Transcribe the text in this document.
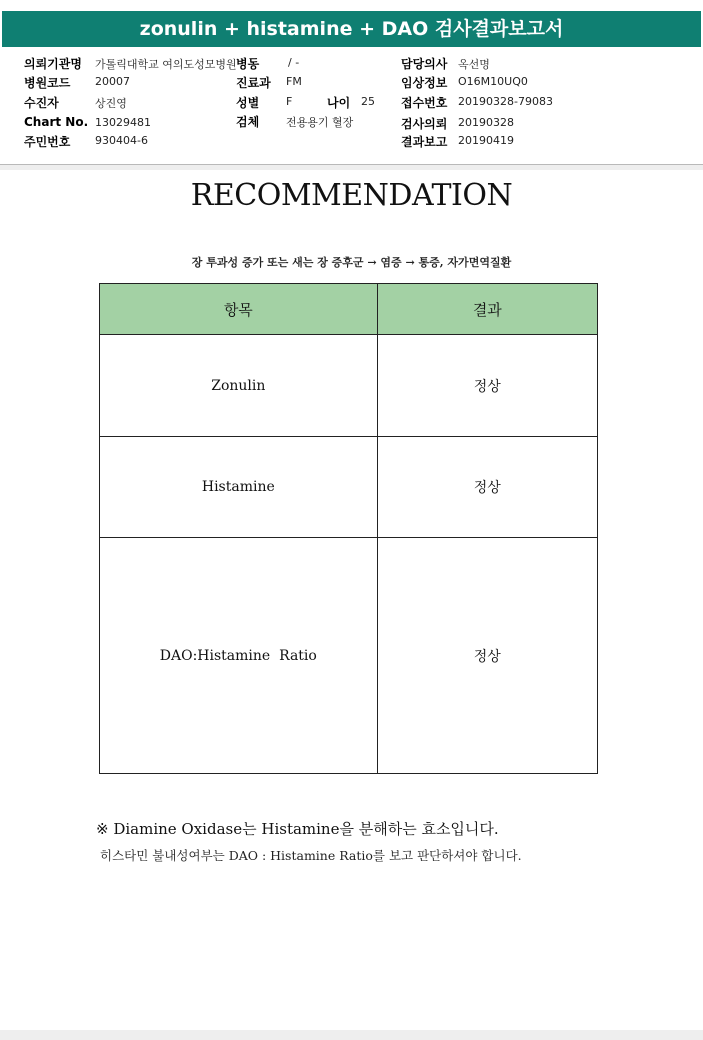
zonulin + histamine + DAO 검사결과보고서
의뢰기관명 가톨릭대학교 여의도성모병원 병동	/ -	담당의사 옥선명
병원코드 20007	진료과 FM	임상정보 O16M10UQ0
수진자	상진영	성별 F	나이 25 접수번호 20190328-79083
Chart No. 13029481	검체 전용용기 혈장	검사의뢰 20190328
주민번호 930404-6	결과보고 20190419
RECOMMENDATION
장 투과성 증가 또는 새는 장 증후군 → 염증 → 통증, 자가면역질환
항목	결과
Zonulin	정상
Histamine	정상
DAO:Histamine  Ratio	정상
※ Diamine Oxidase는 Histamine을 분해하는 효소입니다.
히스타민 불내성여부는 DAO : Histamine Ratio를 보고 판단하셔야 합니다.
